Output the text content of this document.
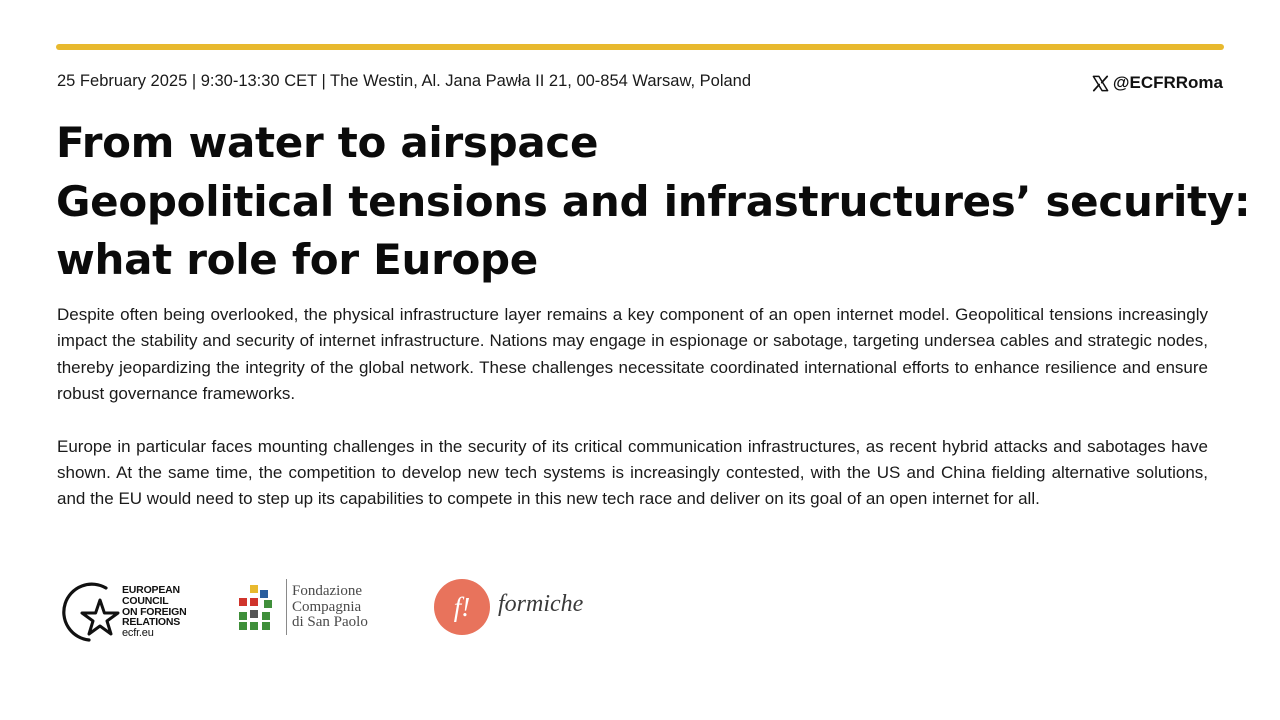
25 February 2025 | 9:30-13:30 CET | The Westin, Al. Jana Pawła II 21, 00-854 Warsaw, Poland	@ECFRRoma
From water to airspace
Geopolitical tensions and infrastructures’ security:
what role for Europe

Despite often being overlooked, the physical infrastructure layer remains a key component of an open internet model. Geopolitical tensions increasingly impact the stability and security of internet infrastructure. Nations may engage in espionage or sabotage, targeting undersea cables and strategic nodes, thereby jeopardizing the integrity of the global network. These challenges necessitate coordinated international efforts to enhance resilience and ensure robust governance frameworks.

Europe in particular faces mounting challenges in the security of its critical communication infrastructures, as recent hybrid attacks and sabotages have shown. At the same time, the competition to develop new tech systems is increasingly contested, with the US and China fielding alternative solutions, and the EU would need to step up its capabilities to compete in this new tech race and deliver on its goal of an open internet for all.

EUROPEAN
COUNCIL
ON FOREIGN
RELATIONS
ecfr.eu
Fondazione
Compagnia
di San Paolo	f!	formiche
